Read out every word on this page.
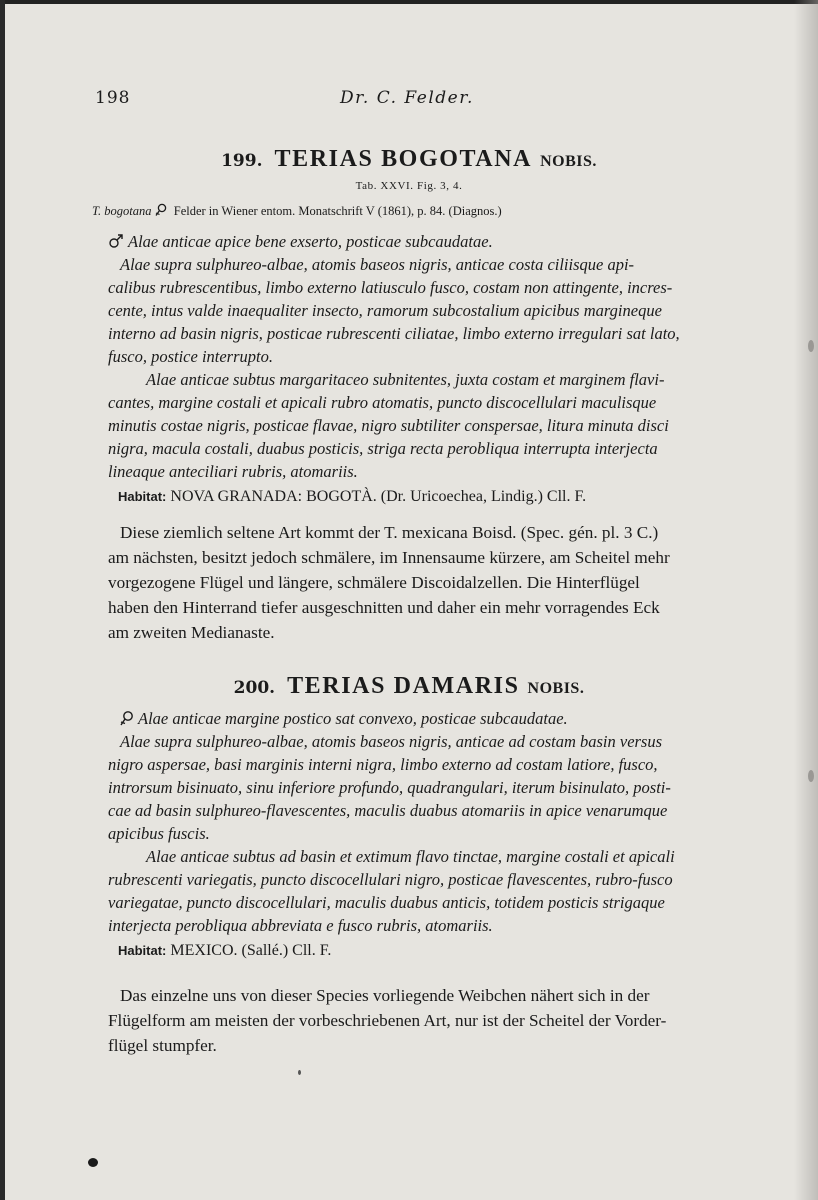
198	Dr. C. Felder.
199. TERIAS BOGOTANA NOBIS.
Tab. XXVI. Fig. 3, 4.
T. bogotana Felder in Wiener entom. Monatschrift V (1861), p. 84. (Diagnos.)
Alae anticae apice bene exserto, posticae subcaudatae.
Alae supra sulphureo-albae, atomis baseos nigris, anticae costa ciliisque api-
calibus rubrescentibus, limbo externo latiusculo fusco, costam non attingente, incres-
cente, intus valde inaequaliter insecto, ramorum subcostalium apicibus margineque
interno ad basin nigris, posticae rubrescenti ciliatae, limbo externo irregulari sat lato,
fusco, postice interrupto.
Alae anticae subtus margaritaceo subnitentes, juxta costam et marginem flavi-
cantes, margine costali et apicali rubro atomatis, puncto discocellulari maculisque
minutis costae nigris, posticae flavae, nigro subtiliter conspersae, litura minuta disci
nigra, macula costali, duabus posticis, striga recta perobliqua interrupta interjecta
lineaque anteciliari rubris, atomariis.
Habitat: NOVA GRANADA: BOGOTÀ. (Dr. Uricoechea, Lindig.) Cll. F.
Diese ziemlich seltene Art kommt der T. mexicana Boisd. (Spec. gén. pl. 3 C.)
am nächsten, besitzt jedoch schmälere, im Innensaume kürzere, am Scheitel mehr
vorgezogene Flügel und längere, schmälere Discoidalzellen. Die Hinterflügel
haben den Hinterrand tiefer ausgeschnitten und daher ein mehr vorragendes Eck
am zweiten Medianaste.
200. TERIAS DAMARIS NOBIS.
Alae anticae margine postico sat convexo, posticae subcaudatae.
Alae supra sulphureo-albae, atomis baseos nigris, anticae ad costam basin versus
nigro aspersae, basi marginis interni nigra, limbo externo ad costam latiore, fusco,
introrsum bisinuato, sinu inferiore profundo, quadrangulari, iterum bisinulato, posti-
cae ad basin sulphureo-flavescentes, maculis duabus atomariis in apice venarumque
apicibus fuscis.
Alae anticae subtus ad basin et extimum flavo tinctae, margine costali et apicali
rubrescenti variegatis, puncto discocellulari nigro, posticae flavescentes, rubro-fusco
variegatae, puncto discocellulari, maculis duabus anticis, totidem posticis strigaque
interjecta perobliqua abbreviata e fusco rubris, atomariis.
Habitat: MEXICO. (Sallé.) Cll. F.
Das einzelne uns von dieser Species vorliegende Weibchen nähert sich in der
Flügelform am meisten der vorbeschriebenen Art, nur ist der Scheitel der Vorder-
flügel stumpfer.
